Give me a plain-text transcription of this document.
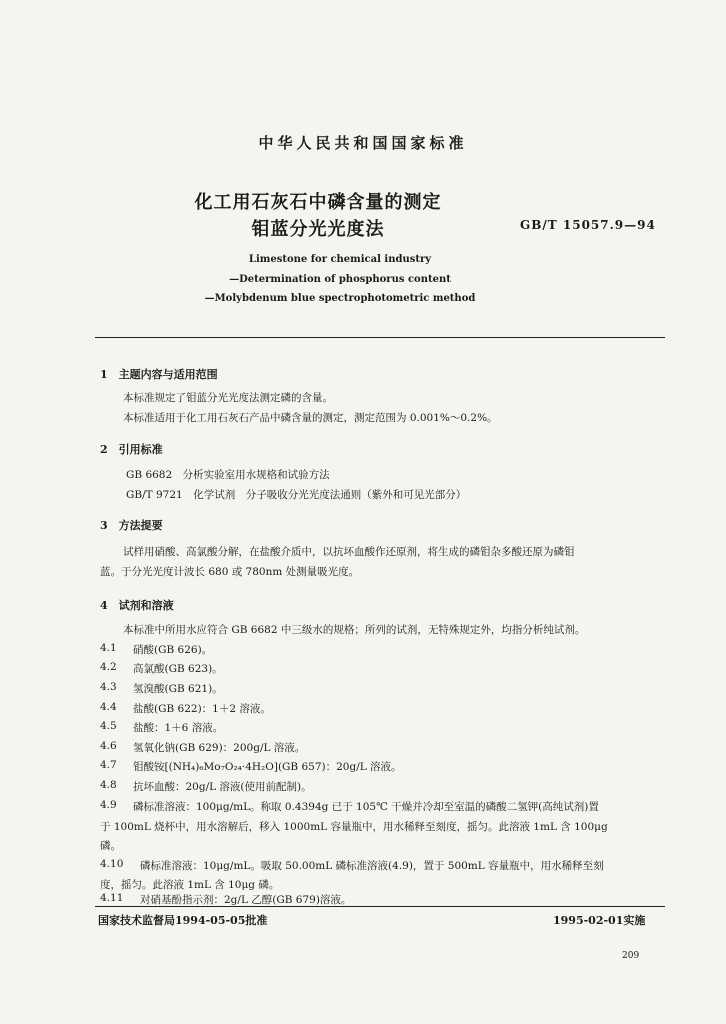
中华人民共和国国家标准
化工用石灰石中磷含量的测定
钼蓝分光光度法	GB/T 15057.9—94
Limestone for chemical industry
—Determination of phosphorus content
—Molybdenum blue spectrophotometric method
1　主题内容与适用范围
本标准规定了钼蓝分光光度法测定磷的含量。
本标准适用于化工用石灰石产品中磷含量的测定，测定范围为 0.001%～0.2%。
2　引用标准
GB 6682　分析实验室用水规格和试验方法
GB/T 9721　化学试剂　分子吸收分光光度法通则（紫外和可见光部分）
3　方法提要
试样用硝酸、高氯酸分解，在盐酸介质中，以抗坏血酸作还原剂，将生成的磷钼杂多酸还原为磷钼
蓝。于分光光度计波长 680 或 780nm 处测量吸光度。
4　试剂和溶液
本标准中所用水应符合 GB 6682 中三级水的规格；所列的试剂，无特殊规定外，均指分析纯试剂。
4.1 硝酸(GB 626)。
4.2 高氯酸(GB 623)。
4.3 氢溴酸(GB 621)。
4.4 盐酸(GB 622)：1＋2 溶液。
4.5 盐酸：1＋6 溶液。
4.6 氢氧化钠(GB 629)：200g/L 溶液。
4.7 钼酸铵[(NH₄)₆Mo₇O₂₄·4H₂O](GB 657)：20g/L 溶液。
4.8 抗坏血酸：20g/L 溶液(使用前配制)。
4.9 磷标准溶液：100μg/mL。称取 0.4394g 已于 105℃ 干燥并冷却至室温的磷酸二氢钾(高纯试剂)置
于 100mL 烧杯中，用水溶解后，移入 1000mL 容量瓶中，用水稀释至刻度，摇匀。此溶液 1mL 含 100μg
磷。
4.10 磷标准溶液：10μg/mL。吸取 50.00mL 磷标准溶液(4.9)，置于 500mL 容量瓶中，用水稀释至刻
度，摇匀。此溶液 1mL 含 10μg 磷。
4.11 对硝基酚指示剂：2g/L 乙醇(GB 679)溶液。
国家技术监督局1994-05-05批准	1995-02-01实施
209
